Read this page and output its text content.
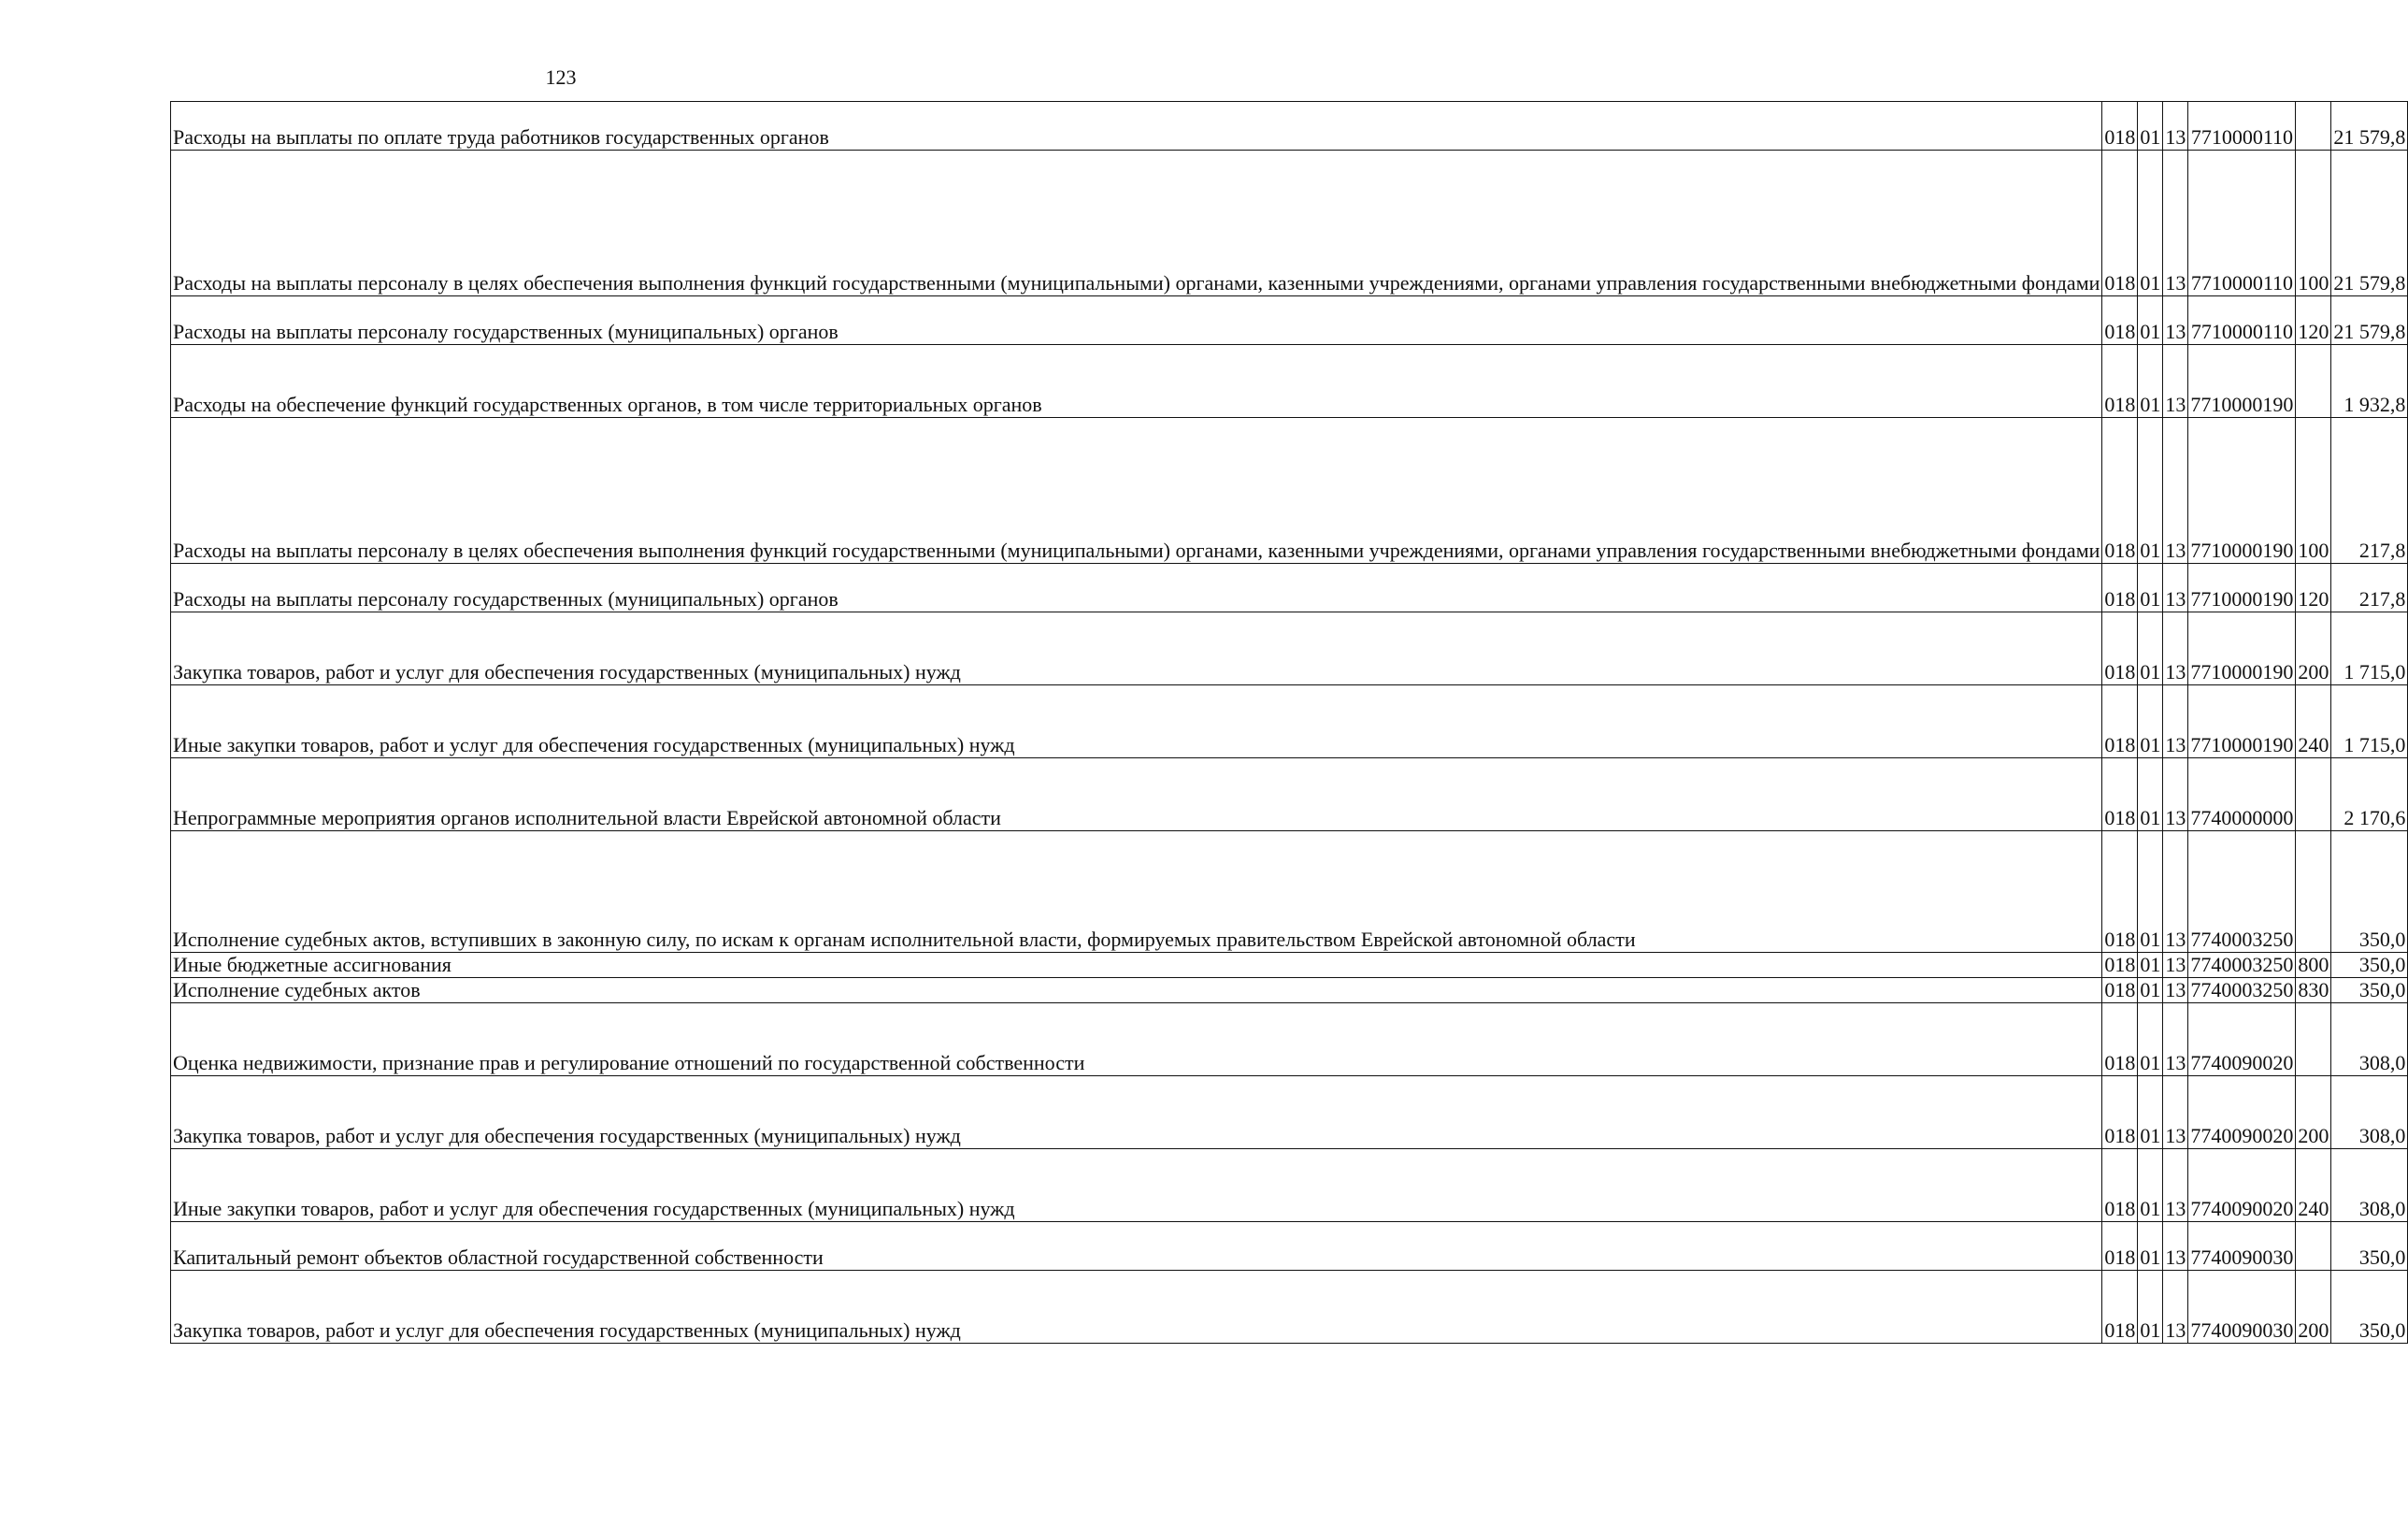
123
Расходы на выплаты по оплате труда работников государственных органов	018	01	13	7710000110		21 579,8
Расходы на выплаты персоналу в целях обеспечения выполнения функций государственными (муниципальными) органами, казенными учреждениями, органами управления государственными внебюджетными фондами	018	01	13	7710000110	100	21 579,8
Расходы на выплаты персоналу государственных (муниципальных) органов	018	01	13	7710000110	120	21 579,8
Расходы на обеспечение функций государственных органов, в том числе территориальных органов	018	01	13	7710000190		1 932,8
Расходы на выплаты персоналу в целях обеспечения выполнения функций государственными (муниципальными) органами, казенными учреждениями, органами управления государственными внебюджетными фондами	018	01	13	7710000190	100	217,8
Расходы на выплаты персоналу государственных (муниципальных) органов	018	01	13	7710000190	120	217,8
Закупка товаров, работ и услуг для обеспечения государственных (муниципальных) нужд	018	01	13	7710000190	200	1 715,0
Иные закупки товаров, работ и услуг для обеспечения государственных (муниципальных) нужд	018	01	13	7710000190	240	1 715,0
Непрограммные мероприятия органов исполнительной власти Еврейской автономной области	018	01	13	7740000000		2 170,6
Исполнение судебных актов, вступивших в законную силу, по искам к органам исполнительной власти, формируемых правительством Еврейской автономной области	018	01	13	7740003250		350,0
Иные бюджетные ассигнования	018	01	13	7740003250	800	350,0
Исполнение судебных актов	018	01	13	7740003250	830	350,0
Оценка недвижимости, признание прав и регулирование отношений по государственной собственности	018	01	13	7740090020		308,0
Закупка товаров, работ и услуг для обеспечения государственных (муниципальных) нужд	018	01	13	7740090020	200	308,0
Иные закупки товаров, работ и услуг для обеспечения государственных (муниципальных) нужд	018	01	13	7740090020	240	308,0
Капитальный ремонт объектов областной государственной собственности	018	01	13	7740090030		350,0
Закупка товаров, работ и услуг для обеспечения государственных (муниципальных) нужд	018	01	13	7740090030	200	350,0
